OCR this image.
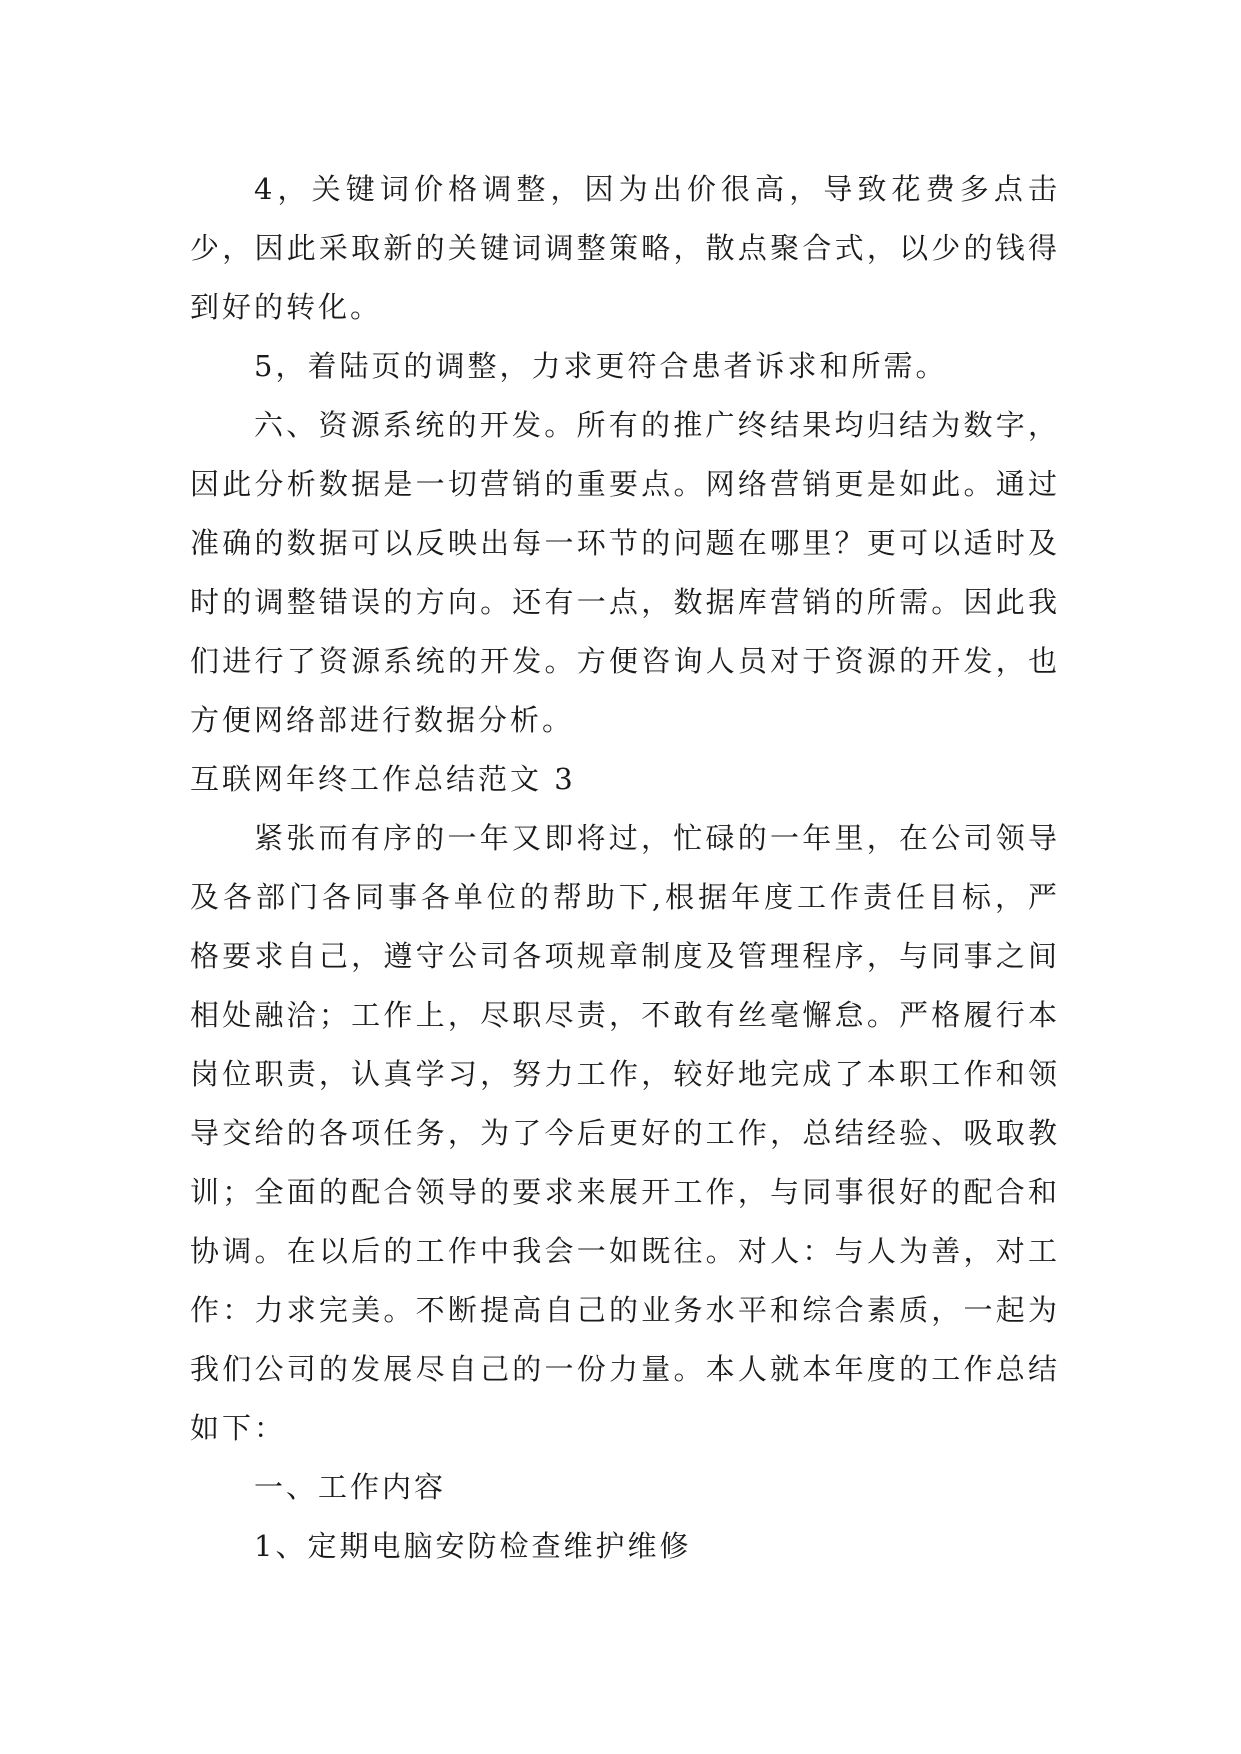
4，关键词价格调整，因为出价很高，导致花费多点击少，因此采取新的关键词调整策略，散点聚合式，以少的钱得到好的转化。

5，着陆页的调整，力求更符合患者诉求和所需。

六、资源系统的开发。所有的推广终结果均归结为数字，因此分析数据是一切营销的重要点。网络营销更是如此。通过准确的数据可以反映出每一环节的问题在哪里？更可以适时及时的调整错误的方向。还有一点，数据库营销的所需。因此我们进行了资源系统的开发。方便咨询人员对于资源的开发，也方便网络部进行数据分析。

互联网年终工作总结范文 3

紧张而有序的一年又即将过，忙碌的一年里，在公司领导及各部门各同事各单位的帮助下,根据年度工作责任目标，严格要求自己，遵守公司各项规章制度及管理程序，与同事之间相处融洽；工作上，尽职尽责，不敢有丝毫懈怠。严格履行本岗位职责，认真学习，努力工作，较好地完成了本职工作和领导交给的各项任务，为了今后更好的工作，总结经验、吸取教训；全面的配合领导的要求来展开工作，与同事很好的配合和协调。在以后的工作中我会一如既往。对人：与人为善，对工作：力求完美。不断提高自己的业务水平和综合素质，一起为我们公司的发展尽自己的一份力量。本人就本年度的工作总结如下：

一、工作内容

1、定期电脑安防检查维护维修
